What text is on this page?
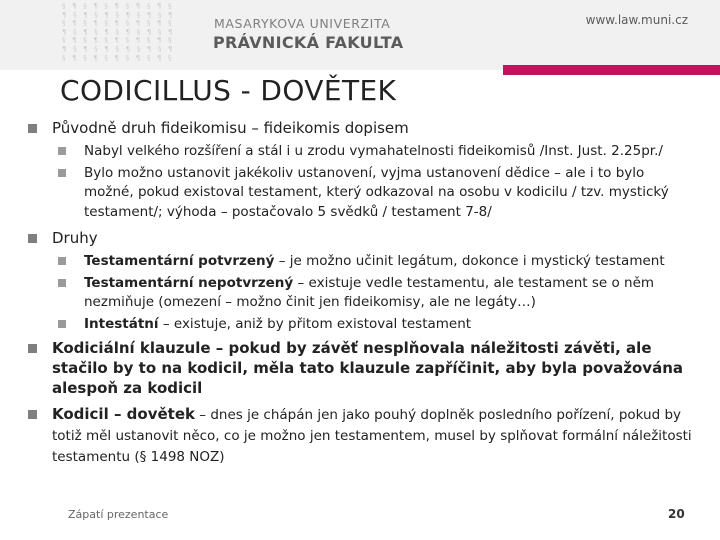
§ ¶ § ¶ § ¶ § ¶ § ¶ §
¶ § ¶ § ¶ § ¶ § ¶ § ¶
§ ¶ § ¶ § ¶ § ¶ § ¶ §
¶ § ¶ § ¶ § ¶ § ¶ § ¶
§ ¶ § ¶ § ¶ § ¶ § ¶ §
¶ § ¶ § ¶ § ¶ § ¶ § ¶
§ ¶ § ¶ § ¶ § ¶ § ¶ §
MASARYKOVA UNIVERZITA
PRÁVNICKÁ FAKULTA
www.law.muni.cz
CODICILLUS - DOVĚTEK
Původně druh fideikomisu – fideikomis dopisem
Nabyl velkého rozšíření a stál i u zrodu vymahatelnosti fideikomisů /Inst. Just. 2.25pr./
Bylo možno ustanovit jakékoliv ustanovení, vyjma ustanovení dědice – ale i to bylo možné, pokud existoval testament, který odkazoval na osobu v kodicilu / tzv. mystický testament/; výhoda – postačovalo 5 svědků / testament 7-8/
Druhy
Testamentární potvrzený – je možno učinit legátum, dokonce i mystický testament
Testamentární nepotvrzený – existuje vedle testamentu, ale testament se o něm nezmiňuje (omezení – možno činit jen fideikomisy, ale ne legáty…)
Intestátní – existuje, aniž by přitom existoval testament
Kodiciální klauzule – pokud by závěť nesplňovala náležitosti závěti, ale stačilo by to na kodicil, měla tato klauzule zapříčinit, aby byla považována alespoň za kodicil
Kodicil – dovětek – dnes je chápán jen jako pouhý doplněk posledního pořízení, pokud by totiž měl ustanovit něco, co je možno jen testamentem, musel by splňovat formální náležitosti testamentu (§ 1498 NOZ)
Zápatí prezentace	20
